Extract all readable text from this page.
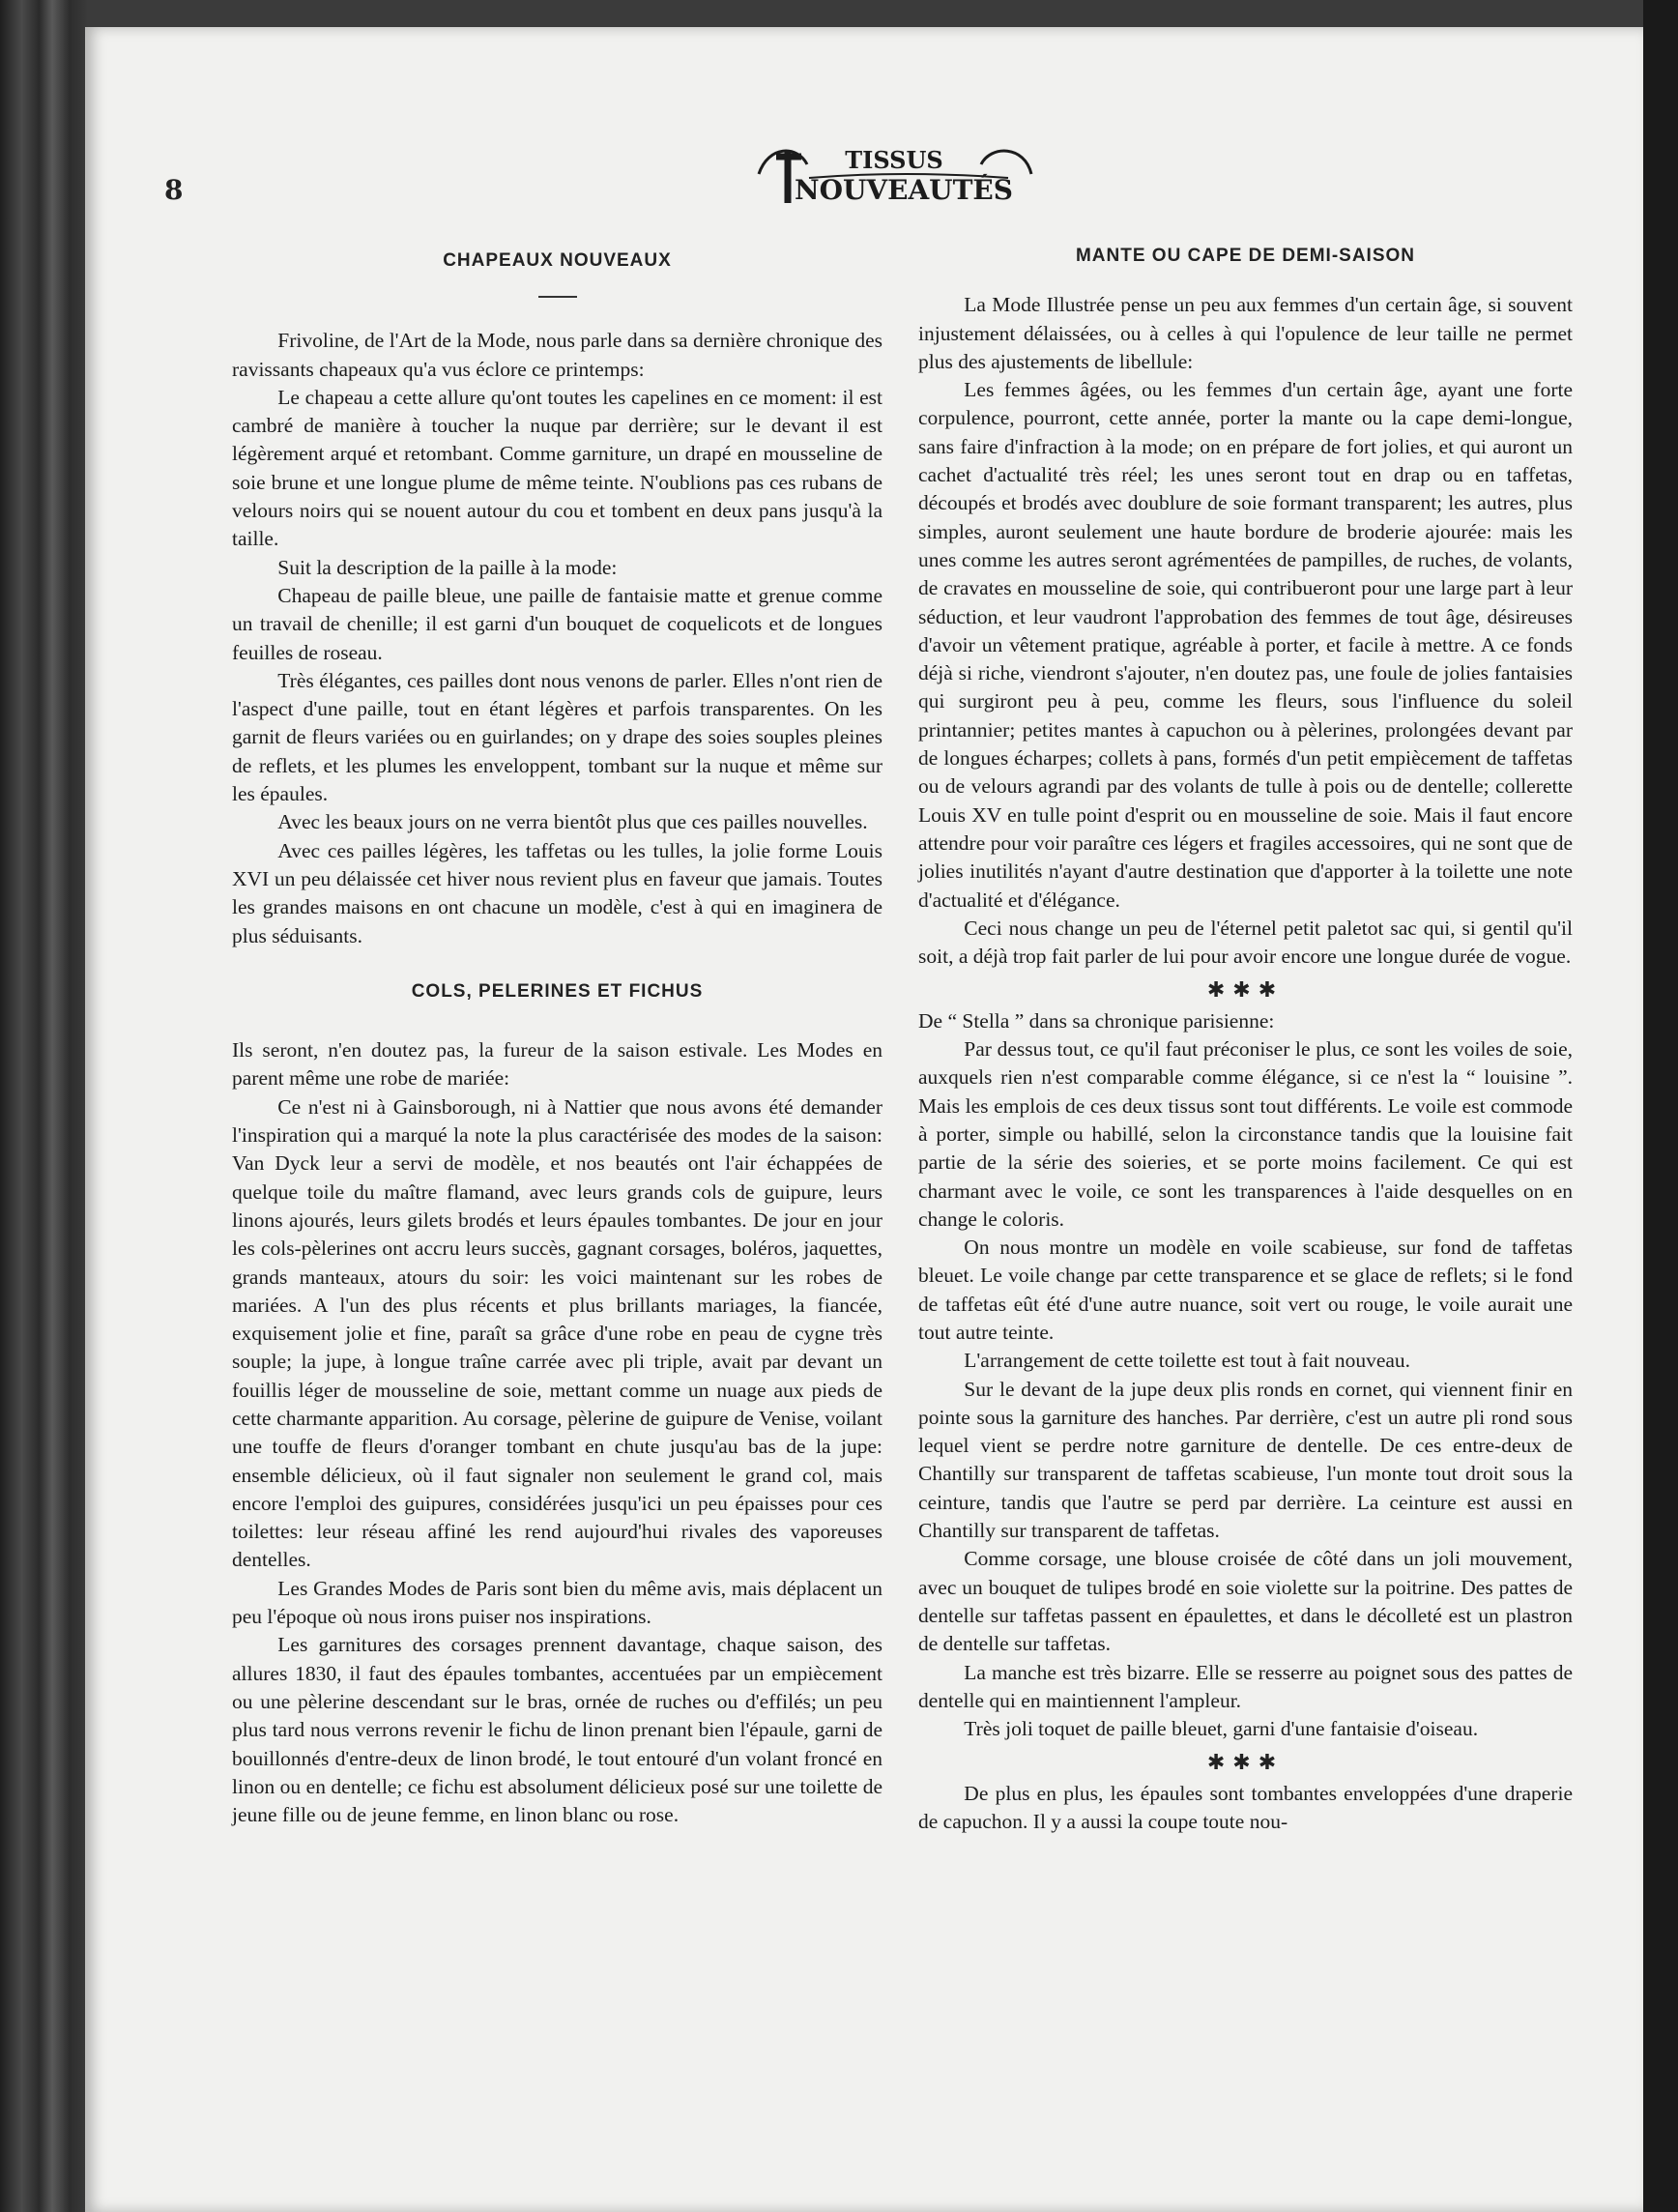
8
TISSUS
NOUVEAUTÉS
CHAPEAUX NOUVEAUX

Frivoline, de l'Art de la Mode, nous parle dans sa dernière chronique des ravissants chapeaux qu'a vus éclore ce printemps:

Le chapeau a cette allure qu'ont toutes les capelines en ce moment: il est cambré de manière à toucher la nuque par derrière; sur le devant il est légèrement arqué et retombant. Comme garniture, un drapé en mousseline de soie brune et une longue plume de même teinte. N'oublions pas ces rubans de velours noirs qui se nouent autour du cou et tombent en deux pans jusqu'à la taille.

Suit la description de la paille à la mode:

Chapeau de paille bleue, une paille de fantaisie matte et grenue comme un travail de chenille; il est garni d'un bouquet de coquelicots et de longues feuilles de roseau.

Très élégantes, ces pailles dont nous venons de parler. Elles n'ont rien de l'aspect d'une paille, tout en étant légères et parfois transparentes. On les garnit de fleurs variées ou en guirlandes; on y drape des soies souples pleines de reflets, et les plumes les enveloppent, tombant sur la nuque et même sur les épaules.

Avec les beaux jours on ne verra bientôt plus que ces pailles nouvelles.

Avec ces pailles légères, les taffetas ou les tulles, la jolie forme Louis XVI un peu délaissée cet hiver nous revient plus en faveur que jamais. Toutes les grandes maisons en ont chacune un modèle, c'est à qui en imaginera de plus séduisants.

COLS, PELERINES ET FICHUS

Ils seront, n'en doutez pas, la fureur de la saison estivale. Les Modes en parent même une robe de mariée:

Ce n'est ni à Gainsborough, ni à Nattier que nous avons été demander l'inspiration qui a marqué la note la plus caractérisée des modes de la saison: Van Dyck leur a servi de modèle, et nos beautés ont l'air échappées de quelque toile du maître flamand, avec leurs grands cols de guipure, leurs linons ajourés, leurs gilets brodés et leurs épaules tombantes. De jour en jour les cols-pèlerines ont accru leurs succès, gagnant corsages, boléros, jaquettes, grands manteaux, atours du soir: les voici maintenant sur les robes de mariées. A l'un des plus récents et plus brillants mariages, la fiancée, exquisement jolie et fine, paraît sa grâce d'une robe en peau de cygne très souple; la jupe, à longue traîne carrée avec pli triple, avait par devant un fouillis léger de mousseline de soie, mettant comme un nuage aux pieds de cette charmante apparition. Au corsage, pèlerine de guipure de Venise, voilant une touffe de fleurs d'oranger tombant en chute jusqu'au bas de la jupe: ensemble délicieux, où il faut signaler non seulement le grand col, mais encore l'emploi des guipures, considérées jusqu'ici un peu épaisses pour ces toilettes: leur réseau affiné les rend aujourd'hui rivales des vaporeuses dentelles.

Les Grandes Modes de Paris sont bien du même avis, mais déplacent un peu l'époque où nous irons puiser nos inspirations.

Les garnitures des corsages prennent davantage, chaque saison, des allures 1830, il faut des épaules tombantes, accentuées par un empiècement ou une pèlerine descendant sur le bras, ornée de ruches ou d'effilés; un peu plus tard nous verrons revenir le fichu de linon prenant bien l'épaule, garni de bouillonnés d'entre-deux de linon brodé, le tout entouré d'un volant froncé en linon ou en dentelle; ce fichu est absolument délicieux posé sur une toilette de jeune fille ou de jeune femme, en linon blanc ou rose.

MANTE OU CAPE DE DEMI-SAISON

La Mode Illustrée pense un peu aux femmes d'un certain âge, si souvent injustement délaissées, ou à celles à qui l'opulence de leur taille ne permet plus des ajustements de libellule:

Les femmes âgées, ou les femmes d'un certain âge, ayant une forte corpulence, pourront, cette année, porter la mante ou la cape demi-longue, sans faire d'infraction à la mode; on en prépare de fort jolies, et qui auront un cachet d'actualité très réel; les unes seront tout en drap ou en taffetas, découpés et brodés avec doublure de soie formant transparent; les autres, plus simples, auront seulement une haute bordure de broderie ajourée: mais les unes comme les autres seront agrémentées de pampilles, de ruches, de volants, de cravates en mousseline de soie, qui contribueront pour une large part à leur séduction, et leur vaudront l'approbation des femmes de tout âge, désireuses d'avoir un vêtement pratique, agréable à porter, et facile à mettre. A ce fonds déjà si riche, viendront s'ajouter, n'en doutez pas, une foule de jolies fantaisies qui surgiront peu à peu, comme les fleurs, sous l'influence du soleil printannier; petites mantes à capuchon ou à pèlerines, prolongées devant par de longues écharpes; collets à pans, formés d'un petit empiècement de taffetas ou de velours agrandi par des volants de tulle à pois ou de dentelle; collerette Louis XV en tulle point d'esprit ou en mousseline de soie. Mais il faut encore attendre pour voir paraître ces légers et fragiles accessoires, qui ne sont que de jolies inutilités n'ayant d'autre destination que d'apporter à la toilette une note d'actualité et d'élégance.

Ceci nous change un peu de l'éternel petit paletot sac qui, si gentil qu'il soit, a déjà trop fait parler de lui pour avoir encore une longue durée de vogue.

✱✱✱

De “ Stella ” dans sa chronique parisienne:

Par dessus tout, ce qu'il faut préconiser le plus, ce sont les voiles de soie, auxquels rien n'est comparable comme élégance, si ce n'est la “ louisine ”. Mais les emplois de ces deux tissus sont tout différents. Le voile est commode à porter, simple ou habillé, selon la circonstance tandis que la louisine fait partie de la série des soieries, et se porte moins facilement. Ce qui est charmant avec le voile, ce sont les transparences à l'aide desquelles on en change le coloris.

On nous montre un modèle en voile scabieuse, sur fond de taffetas bleuet. Le voile change par cette transparence et se glace de reflets; si le fond de taffetas eût été d'une autre nuance, soit vert ou rouge, le voile aurait une tout autre teinte.

L'arrangement de cette toilette est tout à fait nouveau.

Sur le devant de la jupe deux plis ronds en cornet, qui viennent finir en pointe sous la garniture des hanches. Par derrière, c'est un autre pli rond sous lequel vient se perdre notre garniture de dentelle. De ces entre-deux de Chantilly sur transparent de taffetas scabieuse, l'un monte tout droit sous la ceinture, tandis que l'autre se perd par derrière. La ceinture est aussi en Chantilly sur transparent de taffetas.

Comme corsage, une blouse croisée de côté dans un joli mouvement, avec un bouquet de tulipes brodé en soie violette sur la poitrine. Des pattes de dentelle sur taffetas passent en épaulettes, et dans le décolleté est un plastron de dentelle sur taffetas.

La manche est très bizarre. Elle se resserre au poignet sous des pattes de dentelle qui en maintiennent l'ampleur.

Très joli toquet de paille bleuet, garni d'une fantaisie d'oiseau.

✱✱✱

De plus en plus, les épaules sont tombantes enveloppées d'une draperie de capuchon. Il y a aussi la coupe toute nou-
